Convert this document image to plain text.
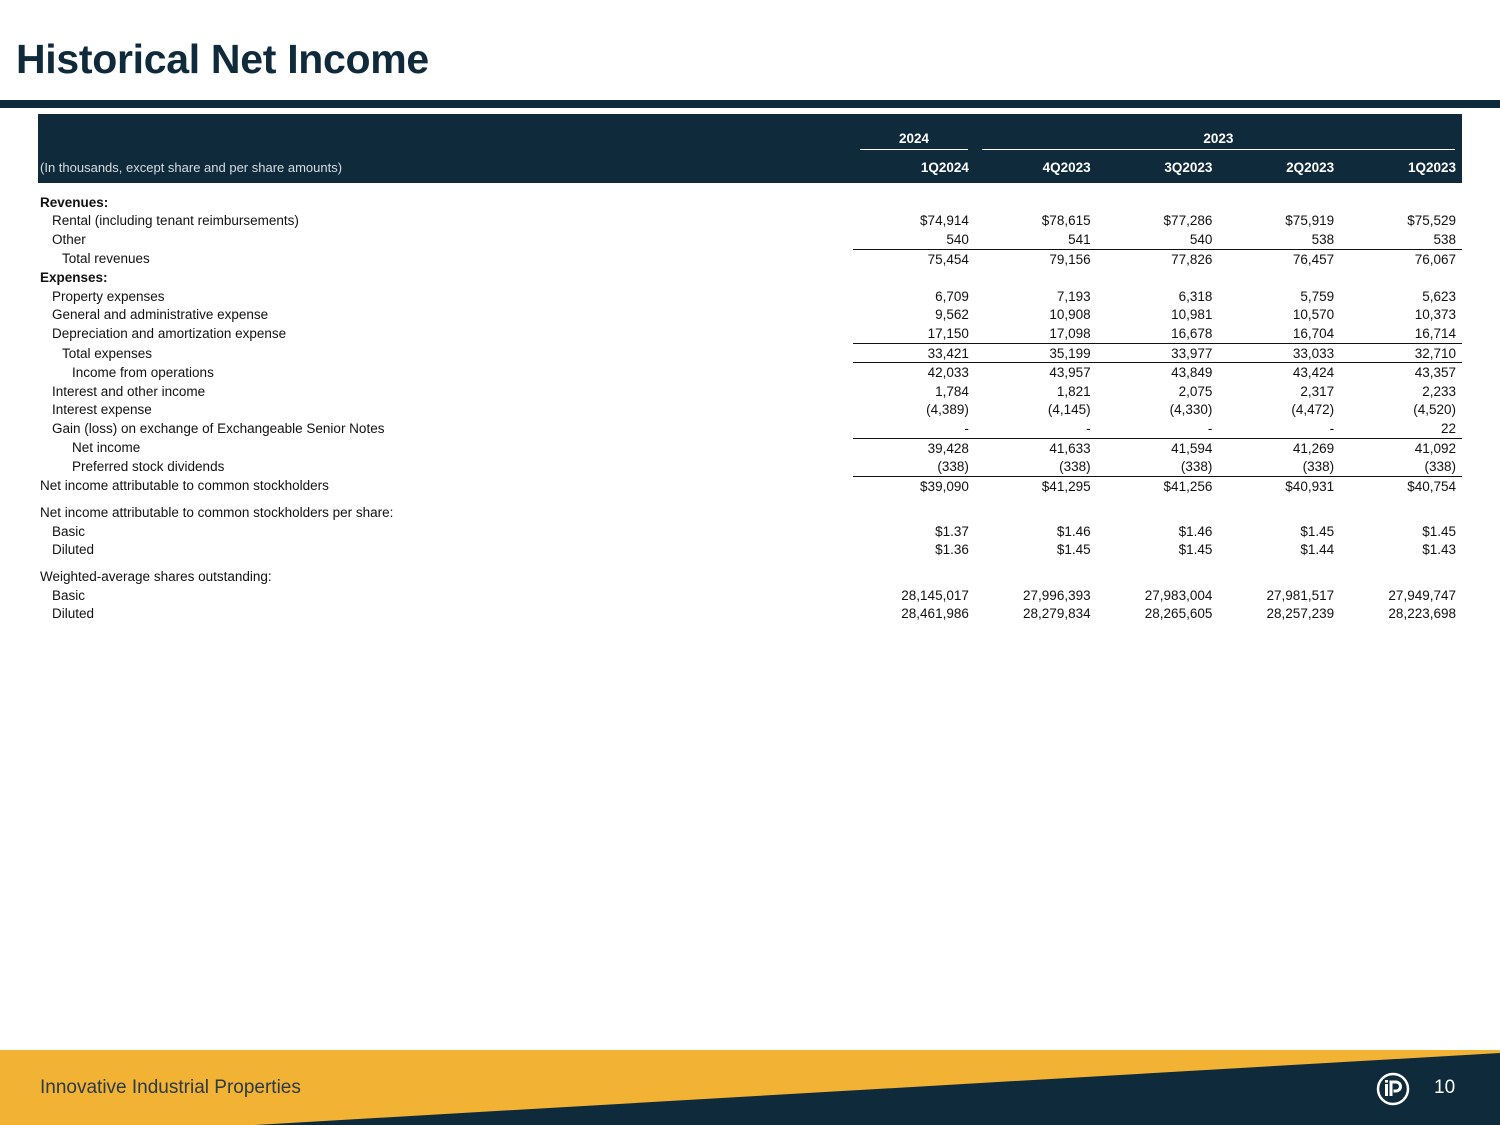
Historical Net Income

	2024	2023			

(In thousands, except share and per share amounts)	1Q2024	4Q2023	3Q2023	2Q2023	1Q2023
Revenues:					
Rental (including tenant reimbursements)	$74,914	$78,615	$77,286	$75,919	$75,529
Other	540	541	540	538	538
Total revenues	75,454	79,156	77,826	76,457	76,067
Expenses:					
Property expenses	6,709	7,193	6,318	5,759	5,623
General and administrative expense	9,562	10,908	10,981	10,570	10,373
Depreciation and amortization expense	17,150	17,098	16,678	16,704	16,714
Total expenses	33,421	35,199	33,977	33,033	32,710
Income from operations	42,033	43,957	43,849	43,424	43,357
Interest and other income	1,784	1,821	2,075	2,317	2,233
Interest expense	(4,389)	(4,145)	(4,330)	(4,472)	(4,520)
Gain (loss) on exchange of Exchangeable Senior Notes	-	-	-	-	22
Net income	39,428	41,633	41,594	41,269	41,092
Preferred stock dividends	(338)	(338)	(338)	(338)	(338)
Net income attributable to common stockholders	$39,090	$41,295	$41,256	$40,931	$40,754
Net income attributable to common stockholders per share:					
Basic	$1.37	$1.46	$1.46	$1.45	$1.45
Diluted	$1.36	$1.45	$1.45	$1.44	$1.43
Weighted-average shares outstanding:					
Basic	28,145,017	27,996,393	27,983,004	27,981,517	27,949,747
Diluted	28,461,986	28,279,834	28,265,605	28,257,239	28,223,698
Innovative Industrial Properties	10
